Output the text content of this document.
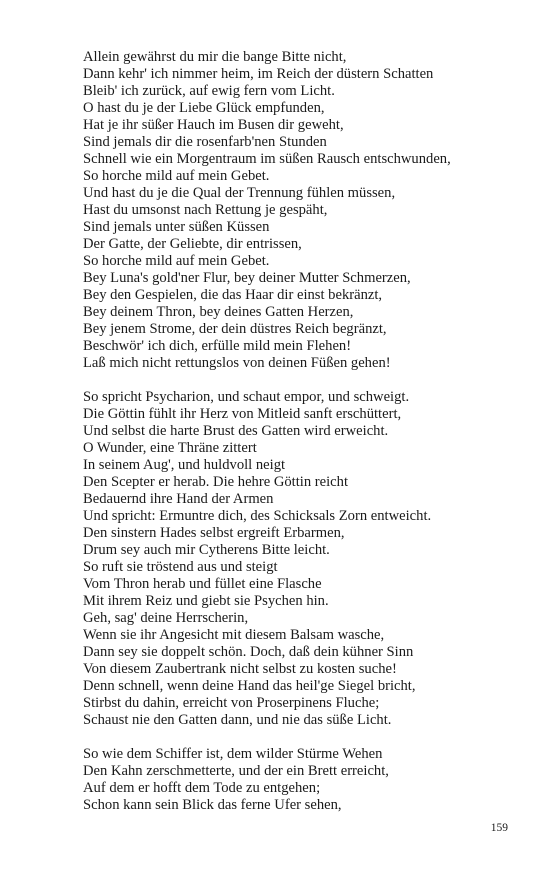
Allein gewährst du mir die bange Bitte nicht,
Dann kehr' ich nimmer heim, im Reich der düstern Schatten
Bleib' ich zurück, auf ewig fern vom Licht.
O hast du je der Liebe Glück empfunden,
Hat je ihr süßer Hauch im Busen dir geweht,
Sind jemals dir die rosenfarb'nen Stunden
Schnell wie ein Morgentraum im süßen Rausch entschwunden,
So horche mild auf mein Gebet.
Und hast du je die Qual der Trennung fühlen müssen,
Hast du umsonst nach Rettung je gespäht,
Sind jemals unter süßen Küssen
Der Gatte, der Geliebte, dir entrissen,
So horche mild auf mein Gebet.
Bey Luna's gold'ner Flur, bey deiner Mutter Schmerzen,
Bey den Gespielen, die das Haar dir einst bekränzt,
Bey deinem Thron, bey deines Gatten Herzen,
Bey jenem Strome, der dein düstres Reich begränzt,
Beschwör' ich dich, erfülle mild mein Flehen!
Laß mich nicht rettungslos von deinen Füßen gehen!
So spricht Psycharion, und schaut empor, und schweigt.
Die Göttin fühlt ihr Herz von Mitleid sanft erschüttert,
Und selbst die harte Brust des Gatten wird erweicht.
O Wunder, eine Thräne zittert
In seinem Aug', und huldvoll neigt
Den Scepter er herab. Die hehre Göttin reicht
Bedauernd ihre Hand der Armen
Und spricht: Ermuntre dich, des Schicksals Zorn entweicht.
Den sinstern Hades selbst ergreift Erbarmen,
Drum sey auch mir Cytherens Bitte leicht.
So ruft sie tröstend aus und steigt
Vom Thron herab und füllet eine Flasche
Mit ihrem Reiz und giebt sie Psychen hin.
Geh, sag' deine Herrscherin,
Wenn sie ihr Angesicht mit diesem Balsam wasche,
Dann sey sie doppelt schön. Doch, daß dein kühner Sinn
Von diesem Zaubertrank nicht selbst zu kosten suche!
Denn schnell, wenn deine Hand das heil'ge Siegel bricht,
Stirbst du dahin, erreicht von Proserpinens Fluche;
Schaust nie den Gatten dann, und nie das süße Licht.
So wie dem Schiffer ist, dem wilder Stürme Wehen
Den Kahn zerschmetterte, und der ein Brett erreicht,
Auf dem er hofft dem Tode zu entgehen;
Schon kann sein Blick das ferne Ufer sehen,
159
